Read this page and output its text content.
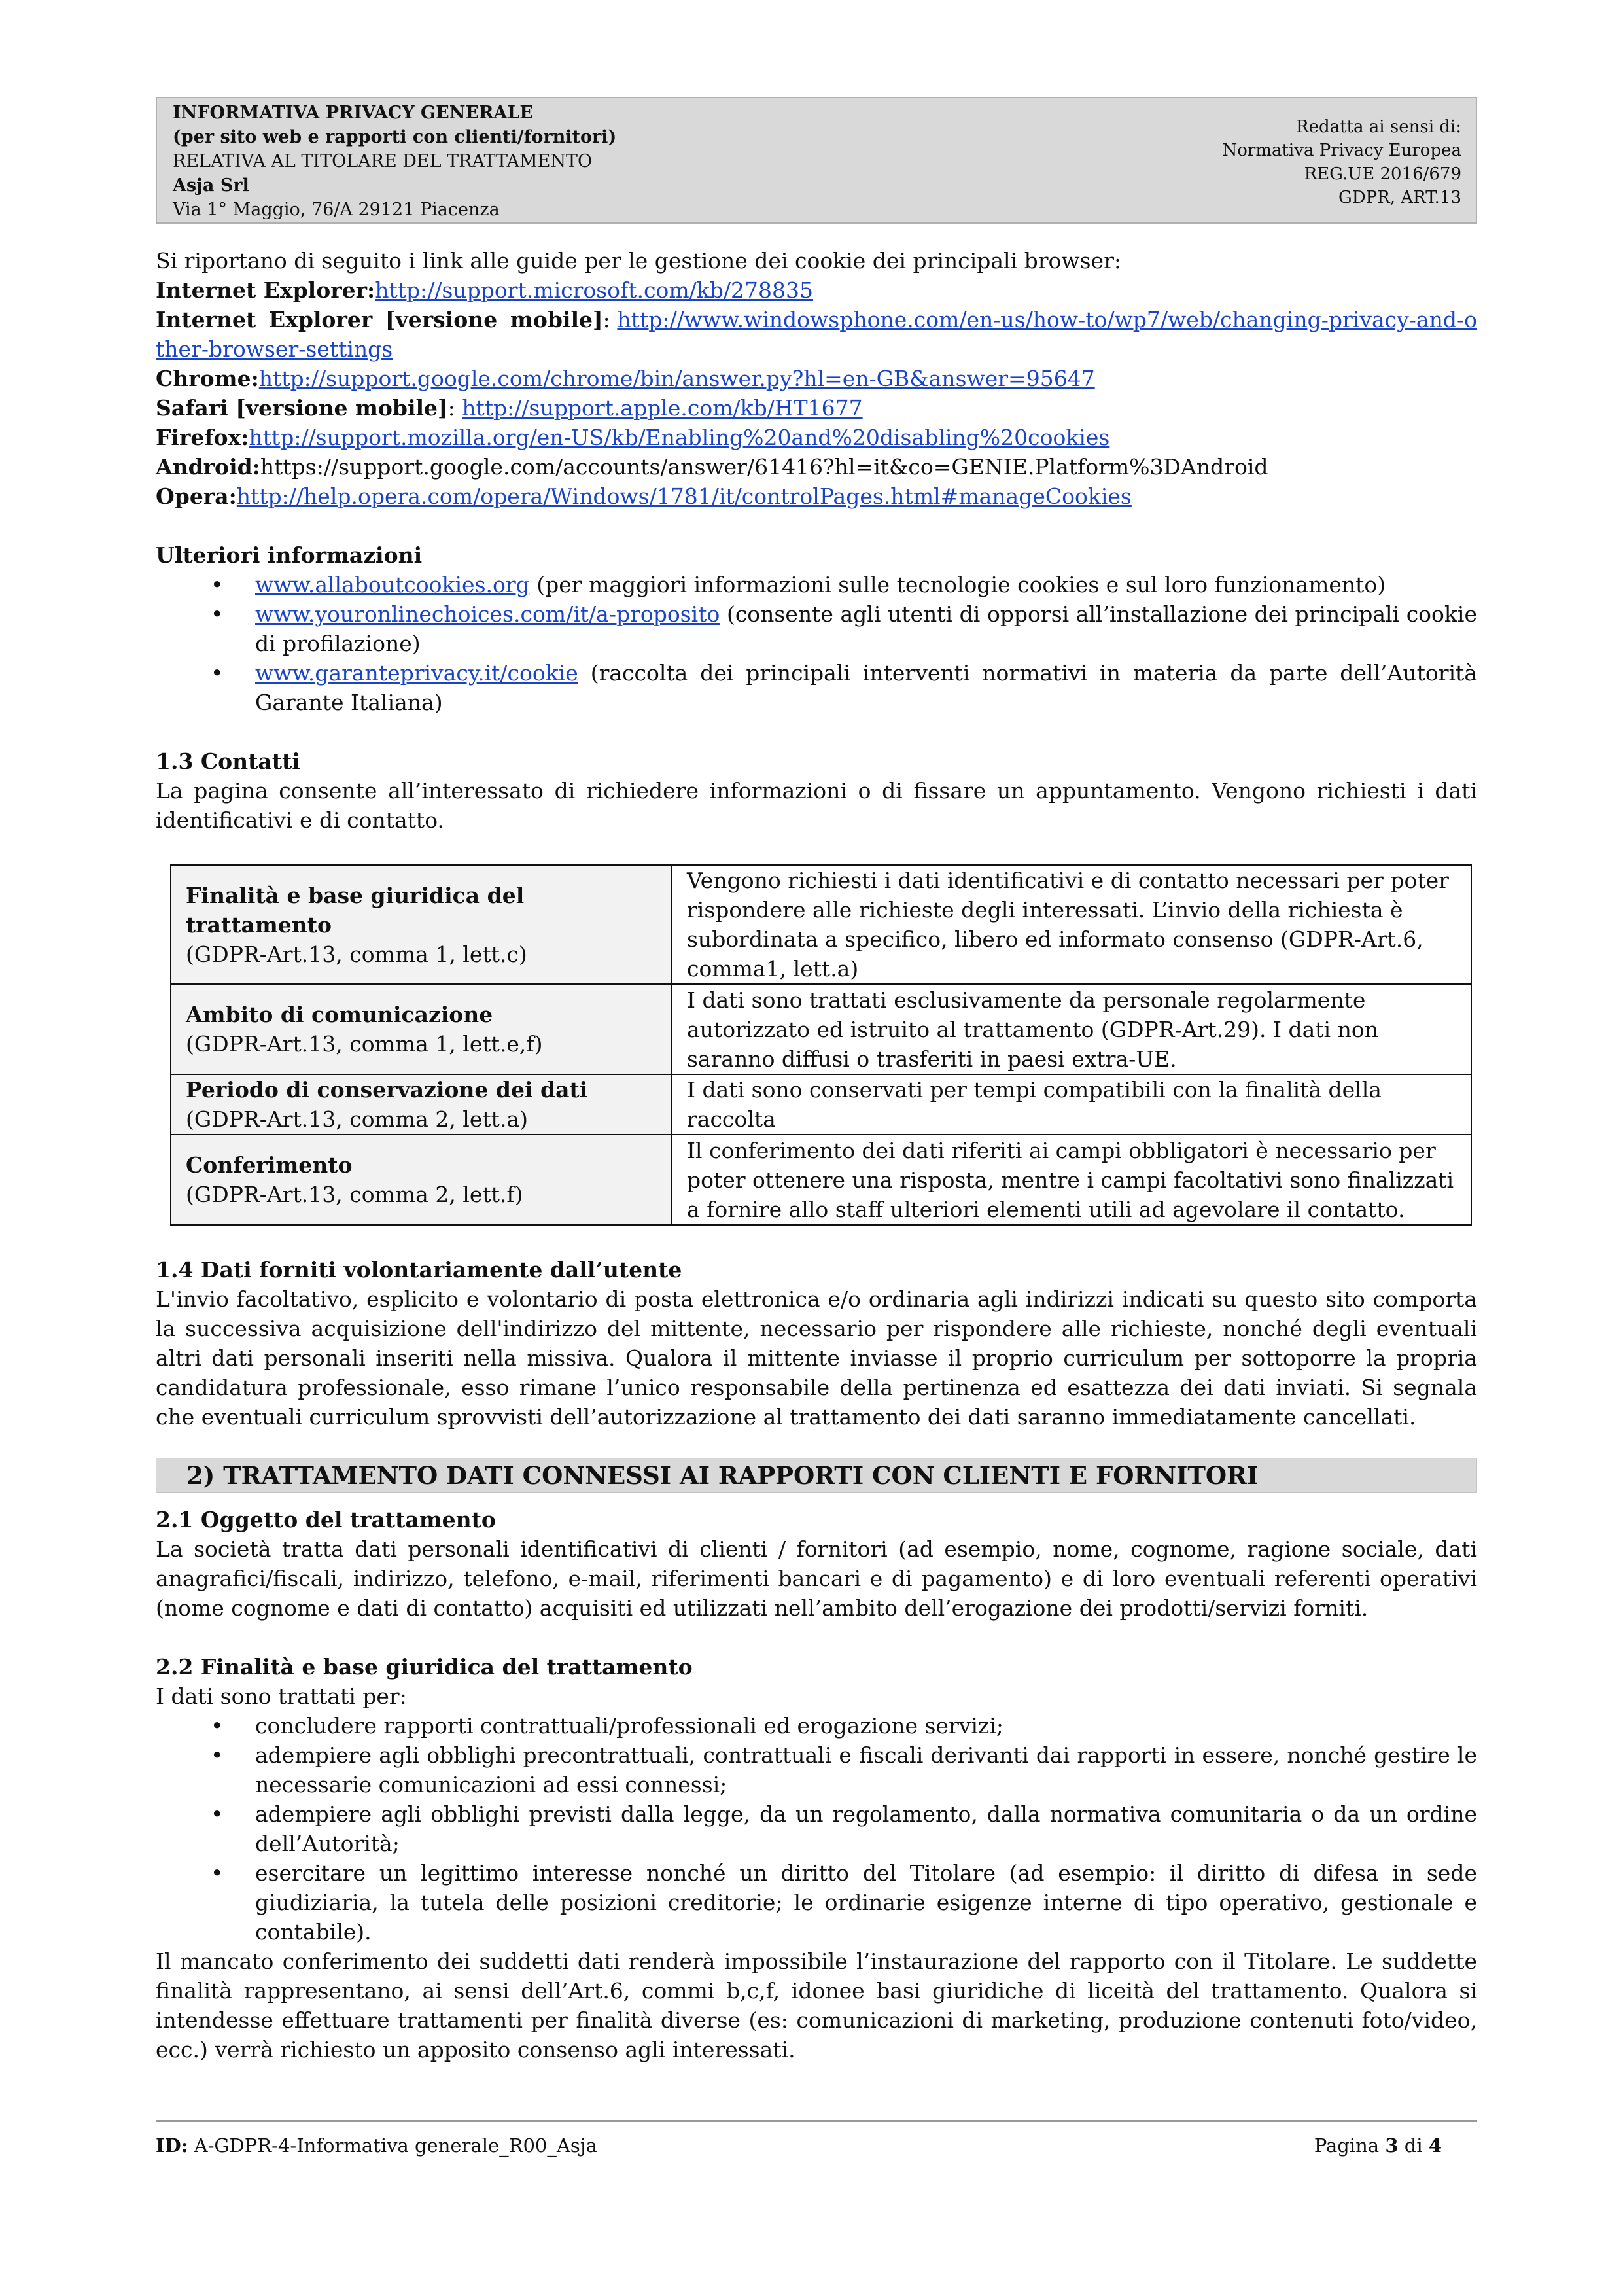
INFORMATIVA PRIVACY GENERALE
(per sito web e rapporti con clienti/fornitori)
RELATIVA AL TITOLARE DEL TRATTAMENTO
Asja Srl
Via 1° Maggio, 76/A 29121 Piacenza
Redatta ai sensi di:
Normativa Privacy Europea
REG.UE 2016/679
GDPR, ART.13

Si riportano di seguito i link alle guide per le gestione dei cookie dei principali browser:

Internet Explorer:http://support.microsoft.com/kb/278835

Internet Explorer [versione mobile]: http://www.windowsphone.com/en-us/how-to/wp7/web/changing-privacy-and-other-browser-settings

Chrome:http://support.google.com/chrome/bin/answer.py?hl=en-GB&answer=95647

Safari [versione mobile]: http://support.apple.com/kb/HT1677

Firefox:http://support.mozilla.org/en-US/kb/Enabling%20and%20disabling%20cookies

Android:https://support.google.com/accounts/answer/61416?hl=it&co=GENIE.Platform%3DAndroid

Opera:http://help.opera.com/opera/Windows/1781/it/controlPages.html#manageCookies

Ulteriori informazioni

• www.allaboutcookies.org (per maggiori informazioni sulle tecnologie cookies e sul loro funzionamento)
• www.youronlinechoices.com/it/a-proposito (consente agli utenti di opporsi all’installazione dei principali cookie di profilazione)
• www.garanteprivacy.it/cookie (raccolta dei principali interventi normativi in materia da parte dell’Autorità Garante Italiana)

1.3 Contatti

La pagina consente all’interessato di richiedere informazioni o di fissare un appuntamento. Vengono richiesti i dati identificativi e di contatto.

Finalità e base giuridica del trattamento
(GDPR-Art.13, comma 1, lett.c)	Vengono richiesti i dati identificativi e di contatto necessari per poter rispondere alle richieste degli interessati. L’invio della richiesta è subordinata a specifico, libero ed informato consenso (GDPR-Art.6, comma1, lett.a)

Ambito di comunicazione
(GDPR-Art.13, comma 1, lett.e,f)	I dati sono trattati esclusivamente da personale regolarmente autorizzato ed istruito al trattamento (GDPR-Art.29). I dati non saranno diffusi o trasferiti in paesi extra-UE.

Periodo di conservazione dei dati
(GDPR-Art.13, comma 2, lett.a)	I dati sono conservati per tempi compatibili con la finalità della raccolta

Conferimento
(GDPR-Art.13, comma 2, lett.f)	Il conferimento dei dati riferiti ai campi obbligatori è necessario per poter ottenere una risposta, mentre i campi facoltativi sono finalizzati a fornire allo staff ulteriori elementi utili ad agevolare il contatto.

1.4 Dati forniti volontariamente dall’utente

L'invio facoltativo, esplicito e volontario di posta elettronica e/o ordinaria agli indirizzi indicati su questo sito comporta la successiva acquisizione dell'indirizzo del mittente, necessario per rispondere alle richieste, nonché degli eventuali altri dati personali inseriti nella missiva. Qualora il mittente inviasse il proprio curriculum per sottoporre la propria candidatura professionale, esso rimane l’unico responsabile della pertinenza ed esattezza dei dati inviati. Si segnala che eventuali curriculum sprovvisti dell’autorizzazione al trattamento dei dati saranno immediatamente cancellati.

2) TRATTAMENTO DATI CONNESSI AI RAPPORTI CON CLIENTI E FORNITORI

2.1 Oggetto del trattamento

La società tratta dati personali identificativi di clienti / fornitori (ad esempio, nome, cognome, ragione sociale, dati anagrafici/fiscali, indirizzo, telefono, e-mail, riferimenti bancari e di pagamento) e di loro eventuali referenti operativi (nome cognome e dati di contatto) acquisiti ed utilizzati nell’ambito dell’erogazione dei prodotti/servizi forniti.

2.2 Finalità e base giuridica del trattamento

I dati sono trattati per:

• concludere rapporti contrattuali/professionali ed erogazione servizi;
• adempiere agli obblighi precontrattuali, contrattuali e fiscali derivanti dai rapporti in essere, nonché gestire le necessarie comunicazioni ad essi connessi;
• adempiere agli obblighi previsti dalla legge, da un regolamento, dalla normativa comunitaria o da un ordine dell’Autorità;
• esercitare un legittimo interesse nonché un diritto del Titolare (ad esempio: il diritto di difesa in sede giudiziaria, la tutela delle posizioni creditorie; le ordinarie esigenze interne di tipo operativo, gestionale e contabile).

Il mancato conferimento dei suddetti dati renderà impossibile l’instaurazione del rapporto con il Titolare. Le suddette finalità rappresentano, ai sensi dell’Art.6, commi b,c,f, idonee basi giuridiche di liceità del trattamento. Qualora si intendesse effettuare trattamenti per finalità diverse (es: comunicazioni di marketing, produzione contenuti foto/video, ecc.) verrà richiesto un apposito consenso agli interessati.

ID: A-GDPR-4-Informativa generale_R00_Asja	Pagina 3 di 4
